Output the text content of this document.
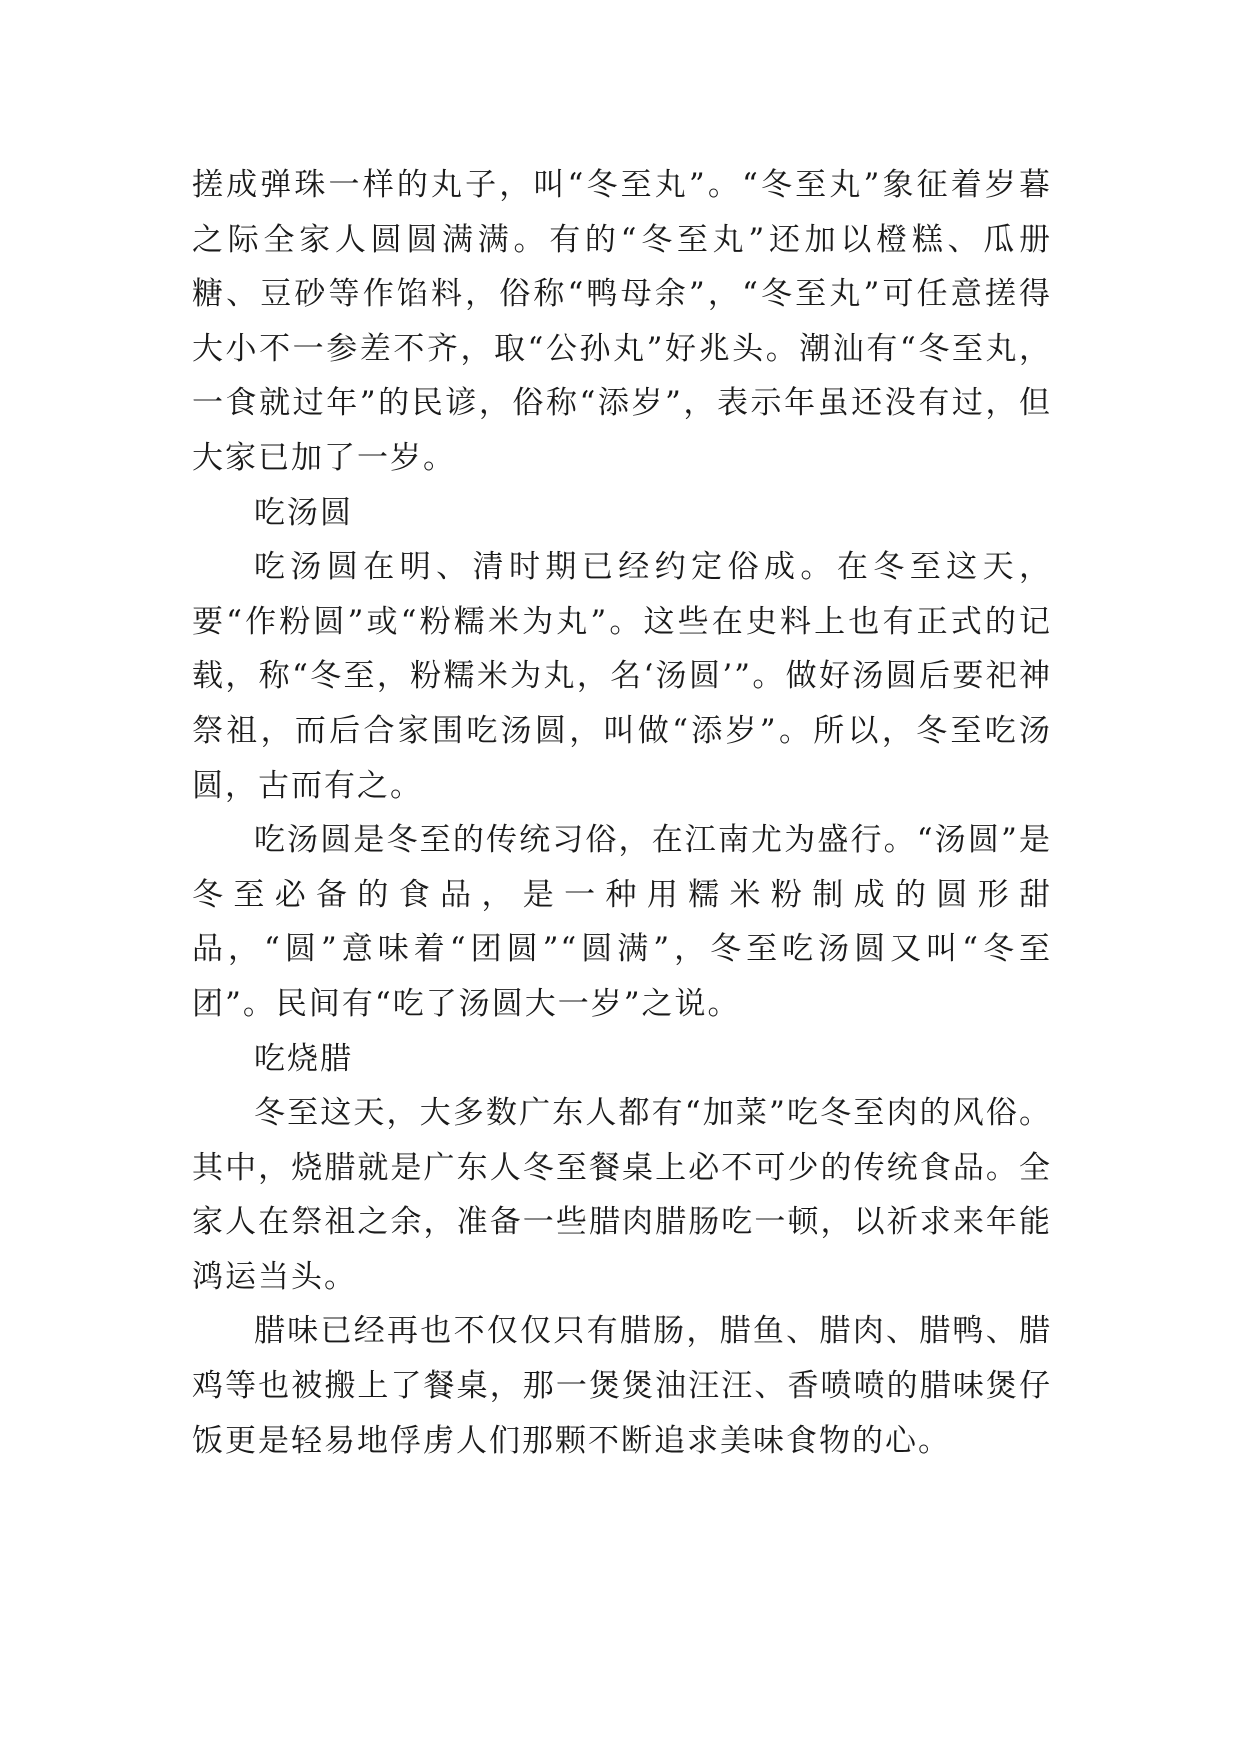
搓成弹珠一样的丸子，叫“冬至丸”。“冬至丸”象征着岁暮之际全家人圆圆满满。有的“冬至丸”还加以橙糕、瓜册糖、豆砂等作馅料，俗称“鸭母余”，“冬至丸”可任意搓得大小不一参差不齐，取“公孙丸”好兆头。潮汕有“冬至丸，一食就过年”的民谚，俗称“添岁”，表示年虽还没有过，但大家已加了一岁。

吃汤圆

吃汤圆在明、清时期已经约定俗成。在冬至这天，要“作粉圆”或“粉糯米为丸”。这些在史料上也有正式的记载，称“冬至，粉糯米为丸，名‘汤圆’”。做好汤圆后要祀神祭祖，而后合家围吃汤圆，叫做“添岁”。所以，冬至吃汤圆，古而有之。

吃汤圆是冬至的传统习俗，在江南尤为盛行。“汤圆”是冬至必备的食品，是一种用糯米粉制成的圆形甜品，“圆”意味着“团圆”“圆满”，冬至吃汤圆又叫“冬至团”。民间有“吃了汤圆大一岁”之说。

吃烧腊

冬至这天，大多数广东人都有“加菜”吃冬至肉的风俗。其中，烧腊就是广东人冬至餐桌上必不可少的传统食品。全家人在祭祖之余，准备一些腊肉腊肠吃一顿，以祈求来年能鸿运当头。

腊味已经再也不仅仅只有腊肠，腊鱼、腊肉、腊鸭、腊鸡等也被搬上了餐桌，那一煲煲油汪汪、香喷喷的腊味煲仔饭更是轻易地俘虏人们那颗不断追求美味食物的心。
